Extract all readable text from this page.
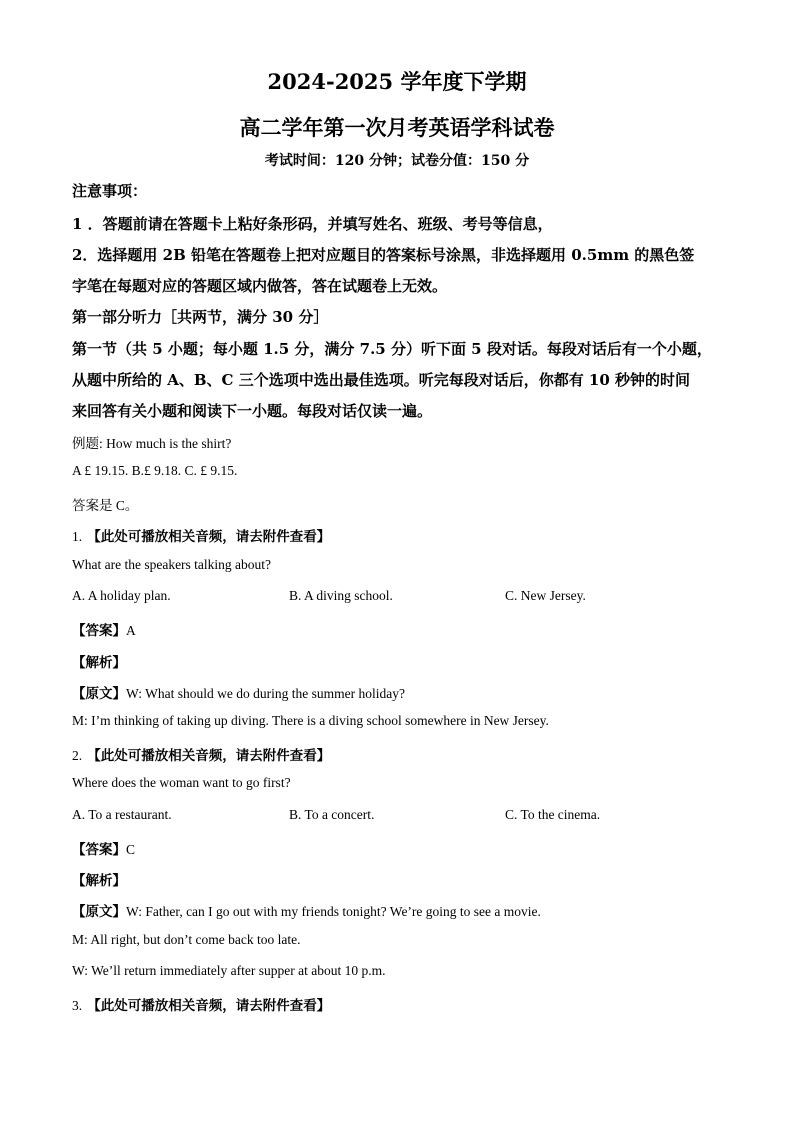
2024-2025 学年度下学期
高二学年第一次月考英语学科试卷
考试时间：120 分钟；试卷分值：150 分
注意事项：
1 ．答题前请在答题卡上粘好条形码，并填写姓名、班级、考号等信息，
2．选择题用 2B 铅笔在答题卷上把对应题目的答案标号涂黑，非选择题用 0.5mm 的黑色签
字笔在每题对应的答题区域内做答，答在试题卷上无效。
第一部分听力［共两节，满分 30 分］
第一节（共 5 小题；每小题 1.5 分，满分 7.5 分）听下面 5 段对话。每段对话后有一个小题，
从题中所给的 A、B、C 三个选项中选出最佳选项。听完每段对话后，你都有 10 秒钟的时间
来回答有关小题和阅读下一小题。每段对话仅读一遍。
例题: How much is the shirt?
A £ 19.15. B.£ 9.18. C. £ 9.15.
答案是 C。
1. 【此处可播放相关音频，请去附件查看】
What are the speakers talking about?
A. A holiday plan.	B. A diving school.	C. New Jersey.
【答案】A
【解析】
【原文】W: What should we do during the summer holiday?
M: I’m thinking of taking up diving. There is a diving school somewhere in New Jersey.
2. 【此处可播放相关音频，请去附件查看】
Where does the woman want to go first?
A. To a restaurant.	B. To a concert.	C. To the cinema.
【答案】C
【解析】
【原文】W: Father, can I go out with my friends tonight? We’re going to see a movie.
M: All right, but don’t come back too late.
W: We’ll return immediately after supper at about 10 p.m.
3. 【此处可播放相关音频，请去附件查看】
